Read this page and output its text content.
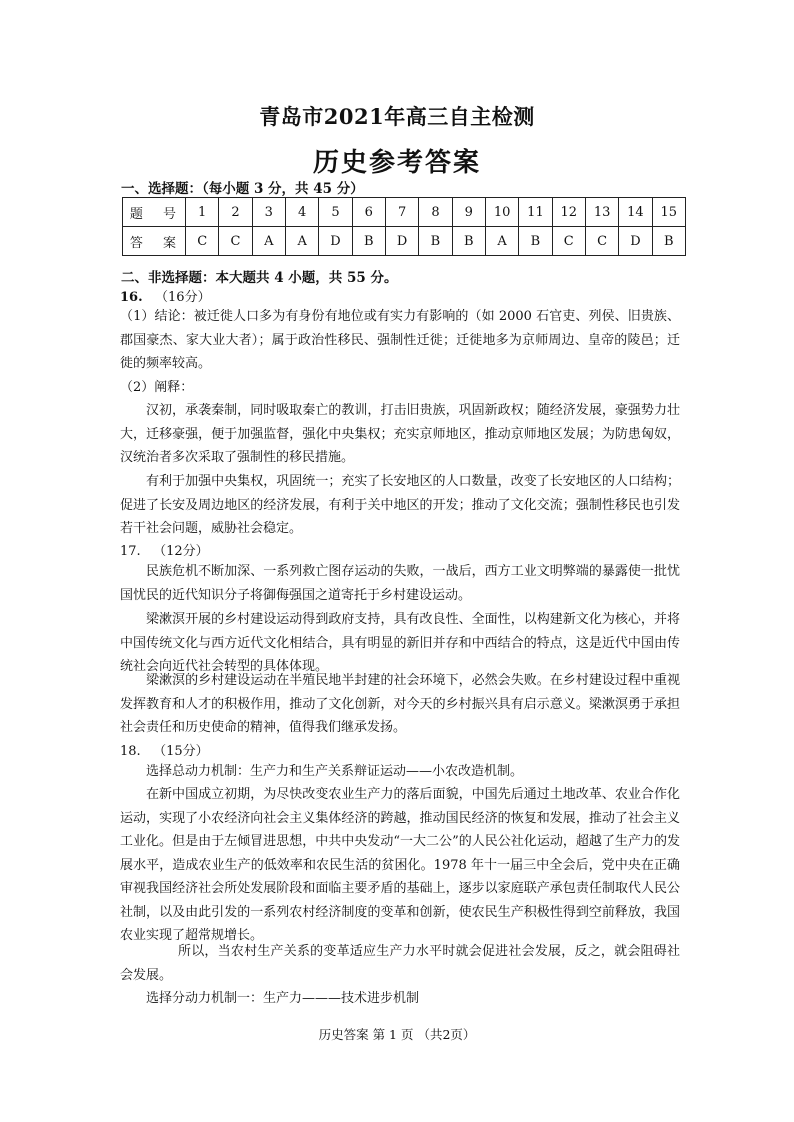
青岛市2021年高三自主检测
历史参考答案
一、选择题：（每小题 3 分，共 45 分）
题 号	1	2	3	4	5	6	7	8	9	10	11	12	13	14	15
答 案	C	C	A	A	D	B	D	B	B	A	B	C	C	D	B
二、非选择题：本大题共 4 小题，共 55 分。
16. （16分）
（1）结论：被迁徙人口多为有身份有地位或有实力有影响的（如 2000 石官吏、列侯、旧贵族、郡国豪杰、家大业大者）；属于政治性移民、强制性迁徙；迁徙地多为京师周边、皇帝的陵邑；迁徙的频率较高。
（2）阐释：
汉初，承袭秦制，同时吸取秦亡的教训，打击旧贵族，巩固新政权；随经济发展，豪强势力壮大，迁移豪强，便于加强监督，强化中央集权；充实京师地区，推动京师地区发展；为防患匈奴，汉统治者多次采取了强制性的移民措施。
有利于加强中央集权，巩固统一；充实了长安地区的人口数量，改变了长安地区的人口结构；促进了长安及周边地区的经济发展，有利于关中地区的开发；推动了文化交流；强制性移民也引发若干社会问题，威胁社会稳定。
17. （12分）
民族危机不断加深、一系列救亡图存运动的失败，一战后，西方工业文明弊端的暴露使一批忧国忧民的近代知识分子将御侮强国之道寄托于乡村建设运动。
梁漱溟开展的乡村建设运动得到政府支持，具有改良性、全面性，以构建新文化为核心，并将中国传统文化与西方近代文化相结合，具有明显的新旧并存和中西结合的特点，这是近代中国由传统社会向近代社会转型的具体体现。
梁漱溟的乡村建设运动在半殖民地半封建的社会环境下，必然会失败。在乡村建设过程中重视发挥教育和人才的积极作用，推动了文化创新，对今天的乡村振兴具有启示意义。梁漱溟勇于承担社会责任和历史使命的精神，值得我们继承发扬。
18. （15分）
选择总动力机制：生产力和生产关系辩证运动——小农改造机制。
在新中国成立初期，为尽快改变农业生产力的落后面貌，中国先后通过土地改革、农业合作化运动，实现了小农经济向社会主义集体经济的跨越，推动国民经济的恢复和发展，推动了社会主义工业化。但是由于左倾冒进思想，中共中央发动“一大二公”的人民公社化运动，超越了生产力的发展水平，造成农业生产的低效率和农民生活的贫困化。1978 年十一届三中全会后，党中央在正确审视我国经济社会所处发展阶段和面临主要矛盾的基础上，逐步以家庭联产承包责任制取代人民公社制，以及由此引发的一系列农村经济制度的变革和创新，使农民生产积极性得到空前释放，我国农业实现了超常规增长。
所以，当农村生产关系的变革适应生产力水平时就会促进社会发展，反之，就会阻碍社会发展。
选择分动力机制一：生产力———技术进步机制
历史答案 第 1 页 （共2页）
